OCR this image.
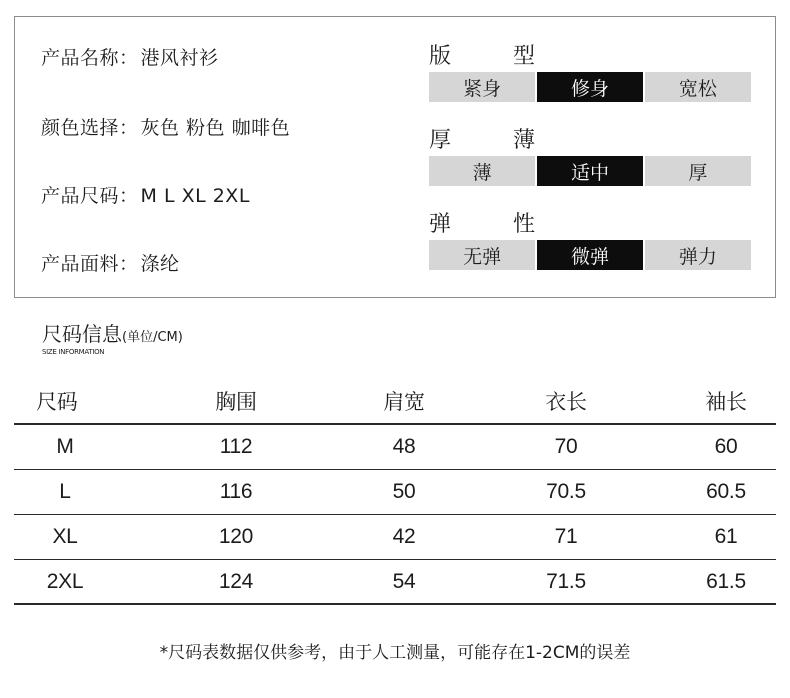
产品名称： 港风衬衫
颜色选择： 灰色 粉色 咖啡色
产品尺码： M L XL 2XL
产品面料： 涤纶
版	型
紧身	修身	宽松
厚	薄
薄	适中	厚
弹	性
无弹	微弹	弹力
尺码信息(单位/CM)
SIZE INFORMATION
尺码	胸围	肩宽	衣长	袖长
M	112	48	70	60
L	116	50	70.5	60.5
XL	120	42	71	61
2XL	124	54	71.5	61.5
*尺码表数据仅供参考，由于人工测量，可能存在1-2CM的误差
